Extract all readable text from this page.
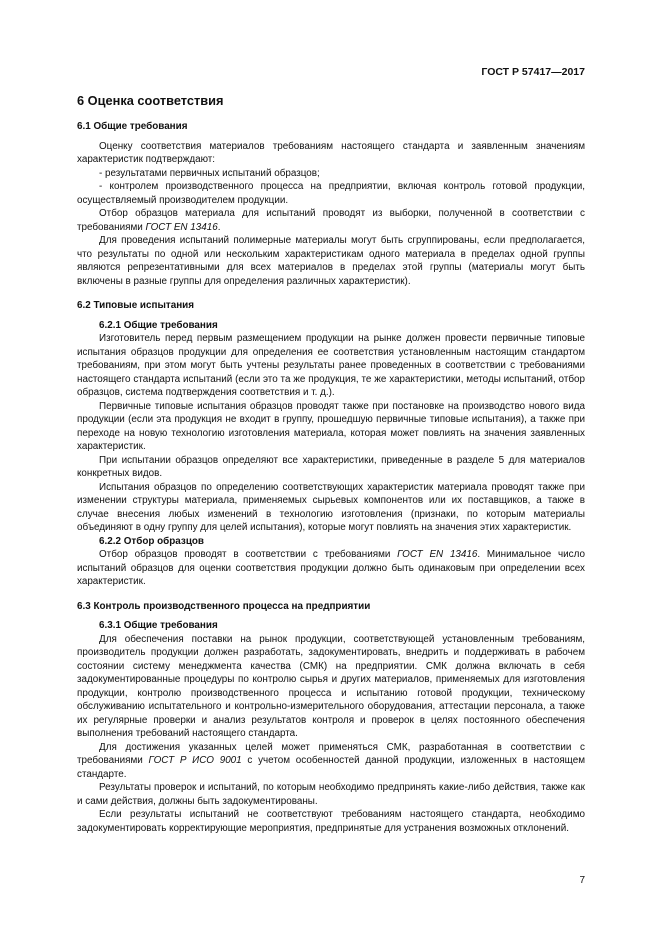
ГОСТ Р 57417—2017
6 Оценка соответствия
6.1 Общие требования

Оценку соответствия материалов требованиям настоящего стандарта и заявленным значениям характеристик подтверждают:

- результатами первичных испытаний образцов;

- контролем производственного процесса на предприятии, включая контроль готовой продукции, осуществляемый производителем продукции.

Отбор образцов материала для испытаний проводят из выборки, полученной в соответствии с требованиями ГОСТ EN 13416.

Для проведения испытаний полимерные материалы могут быть сгруппированы, если предполагается, что результаты по одной или нескольким характеристикам одного материала в пределах одной группы являются репрезентативными для всех материалов в пределах этой группы (материалы могут быть включены в разные группы для определения различных характеристик).

6.2 Типовые испытания

6.2.1 Общие требования

Изготовитель перед первым размещением продукции на рынке должен провести первичные типовые испытания образцов продукции для определения ее соответствия установленным настоящим стандартом требованиям, при этом могут быть учтены результаты ранее проведенных в соответствии с требованиями настоящего стандарта испытаний (если это та же продукция, те же характеристики, методы испытаний, отбор образцов, система подтверждения соответствия и т. д.).

Первичные типовые испытания образцов проводят также при постановке на производство нового вида продукции (если эта продукция не входит в группу, прошедшую первичные типовые испытания), а также при переходе на новую технологию изготовления материала, которая может повлиять на значения заявленных характеристик.

При испытании образцов определяют все характеристики, приведенные в разделе 5 для материалов конкретных видов.

Испытания образцов по определению соответствующих характеристик материала проводят также при изменении структуры материала, применяемых сырьевых компонентов или их поставщиков, а также в случае внесения любых изменений в технологию изготовления (признаки, по которым материалы объединяют в одну группу для целей испытания), которые могут повлиять на значения этих характеристик.

6.2.2 Отбор образцов

Отбор образцов проводят в соответствии с требованиями ГОСТ EN 13416. Минимальное число испытаний образцов для оценки соответствия продукции должно быть одинаковым при определении всех характеристик.

6.3 Контроль производственного процесса на предприятии

6.3.1 Общие требования

Для обеспечения поставки на рынок продукции, соответствующей установленным требованиям, производитель продукции должен разработать, задокументировать, внедрить и поддерживать в рабочем состоянии систему менеджмента качества (СМК) на предприятии. СМК должна включать в себя задокументированные процедуры по контролю сырья и других материалов, применяемых для изготовления продукции, контролю производственного процесса и испытанию готовой продукции, техническому обслуживанию испытательного и контрольно-измерительного оборудования, аттестации персонала, а также их регулярные проверки и анализ результатов контроля и проверок в целях постоянного обеспечения выполнения требований настоящего стандарта.

Для достижения указанных целей может применяться СМК, разработанная в соответствии с требованиями ГОСТ Р ИСО 9001 с учетом особенностей данной продукции, изложенных в настоящем стандарте.

Результаты проверок и испытаний, по которым необходимо предпринять какие-либо действия, также как и сами действия, должны быть задокументированы.

Если результаты испытаний не соответствуют требованиям настоящего стандарта, необходимо задокументировать корректирующие мероприятия, предпринятые для устранения возможных отклонений.

7
